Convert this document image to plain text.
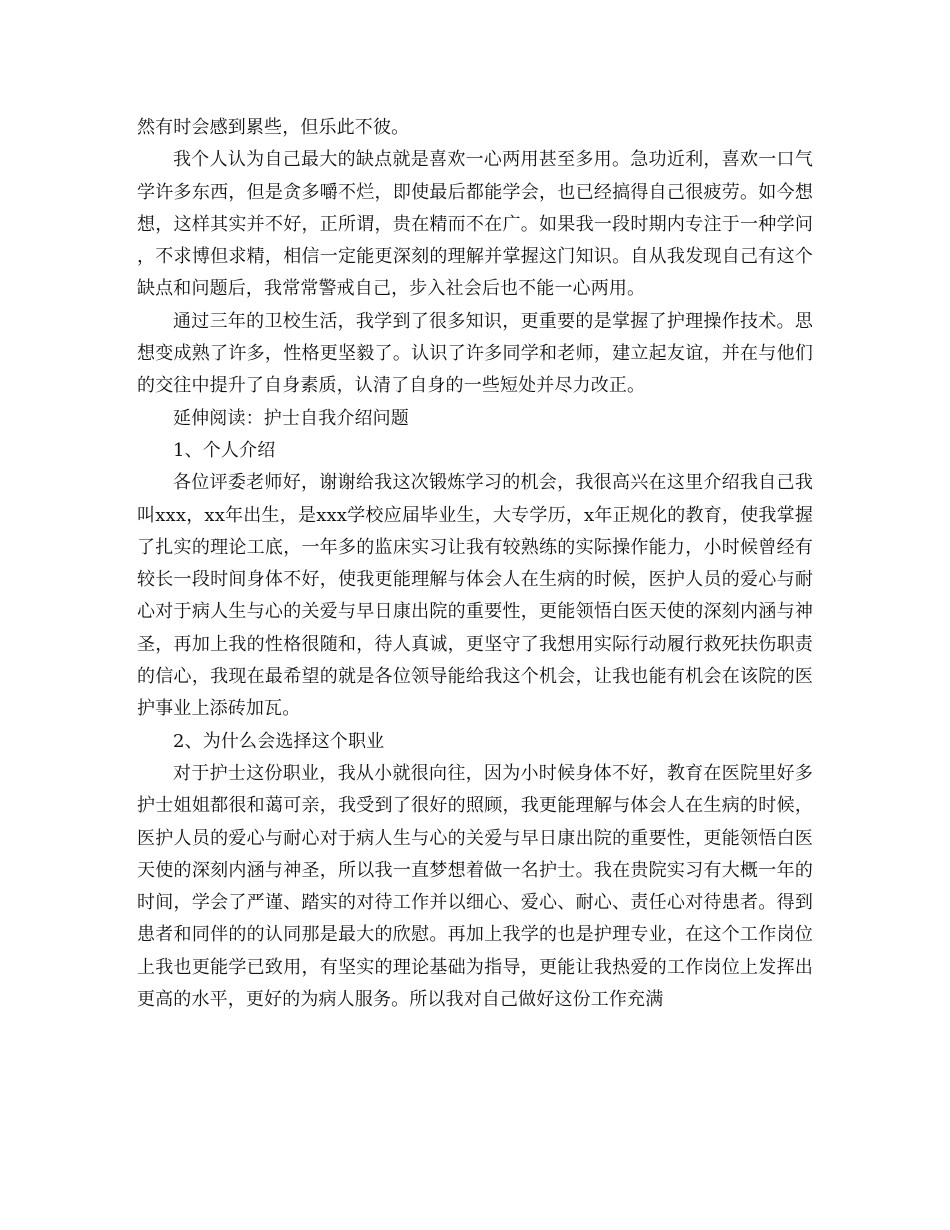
然有时会感到累些，但乐此不彼。

我个人认为自己最大的缺点就是喜欢一心两用甚至多用。急功近利，喜欢一口气学许多东西，但是贪多嚼不烂，即使最后都能学会，也已经搞得自己很疲劳。如今想想，这样其实并不好，正所谓，贵在精而不在广。如果我一段时期内专注于一种学问，不求博但求精，相信一定能更深刻的理解并掌握这门知识。自从我发现自己有这个缺点和问题后，我常常警戒自己，步入社会后也不能一心两用。

通过三年的卫校生活，我学到了很多知识，更重要的是掌握了护理操作技术。思想变成熟了许多，性格更坚毅了。认识了许多同学和老师，建立起友谊，并在与他们的交往中提升了自身素质，认清了自身的一些短处并尽力改正。

延伸阅读：护士自我介绍问题

1、个人介绍

各位评委老师好，谢谢给我这次锻炼学习的机会，我很高兴在这里介绍我自己我叫xxx，xx年出生，是xxx学校应届毕业生，大专学历，x年正规化的教育，使我掌握了扎实的理论工底，一年多的监床实习让我有较熟练的实际操作能力，小时候曾经有较长一段时间身体不好，使我更能理解与体会人在生病的时候，医护人员的爱心与耐心对于病人生与心的关爱与早日康出院的重要性，更能领悟白医天使的深刻内涵与神圣，再加上我的性格很随和，待人真诚，更坚守了我想用实际行动履行救死扶伤职责的信心，我现在最希望的就是各位领导能给我这个机会，让我也能有机会在该院的医护事业上添砖加瓦。

2、为什么会选择这个职业

对于护士这份职业，我从小就很向往，因为小时候身体不好，教育在医院里好多护士姐姐都很和蔼可亲，我受到了很好的照顾，我更能理解与体会人在生病的时候，医护人员的爱心与耐心对于病人生与心的关爱与早日康出院的重要性，更能领悟白医天使的深刻内涵与神圣，所以我一直梦想着做一名护士。我在贵院实习有大概一年的时间，学会了严谨、踏实的对待工作并以细心、爱心、耐心、责任心对待患者。得到患者和同伴的的认同那是最大的欣慰。再加上我学的也是护理专业，在这个工作岗位上我也更能学已致用，有坚实的理论基础为指导，更能让我热爱的工作岗位上发挥出更高的水平，更好的为病人服务。所以我对自己做好这份工作充满
